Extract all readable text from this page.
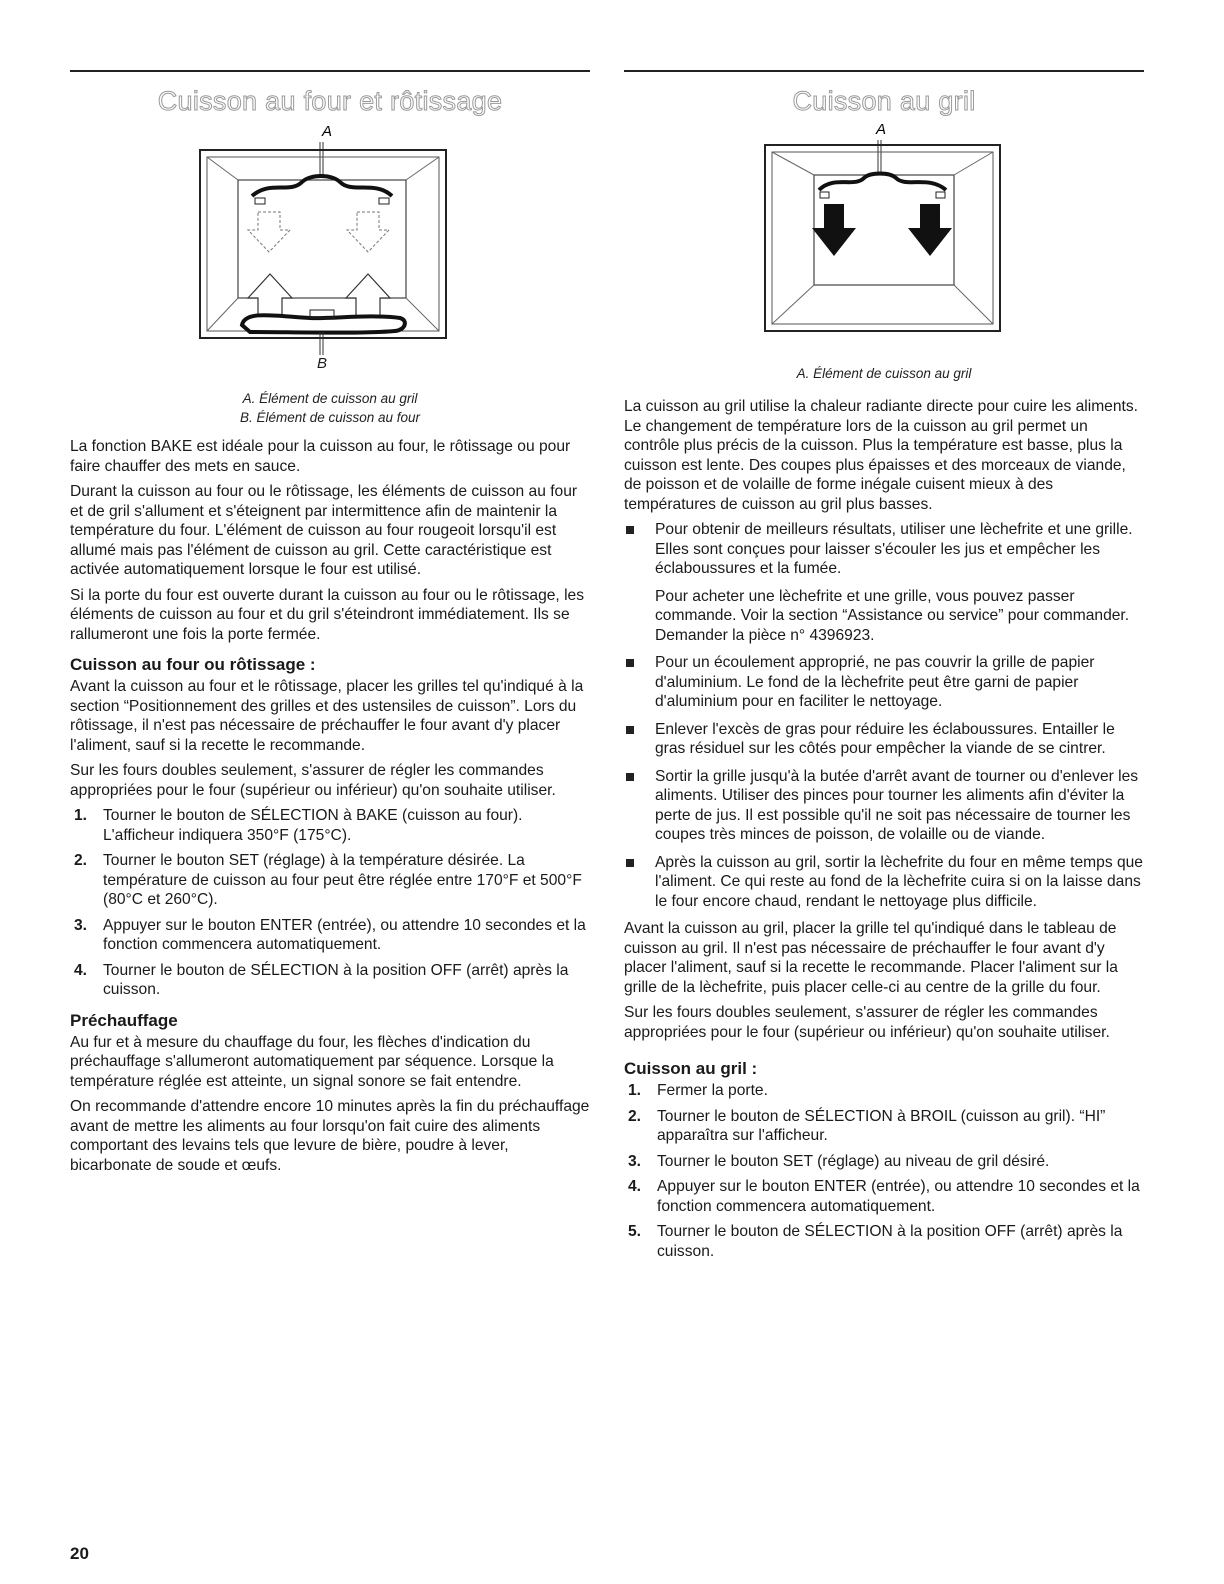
Cuisson au four et rôtissage
A
B
A. Élément de cuisson au gril
B. Élément de cuisson au four

La fonction BAKE est idéale pour la cuisson au four, le rôtissage ou pour faire chauffer des mets en sauce.

Durant la cuisson au four ou le rôtissage, les éléments de cuisson au four et de gril s'allument et s'éteignent par intermittence afin de maintenir la température du four. L'élément de cuisson au four rougeoit lorsqu'il est allumé mais pas l'élément de cuisson au gril. Cette caractéristique est activée automatiquement lorsque le four est utilisé.

Si la porte du four est ouverte durant la cuisson au four ou le rôtissage, les éléments de cuisson au four et du gril s'éteindront immédiatement. Ils se rallumeront une fois la porte fermée.

Cuisson au four ou rôtissage :

Avant la cuisson au four et le rôtissage, placer les grilles tel qu'indiqué à la section “Positionnement des grilles et des ustensiles de cuisson”. Lors du rôtissage, il n'est pas nécessaire de préchauffer le four avant d'y placer l'aliment, sauf si la recette le recommande.

Sur les fours doubles seulement, s'assurer de régler les commandes appropriées pour le four (supérieur ou inférieur) qu'on souhaite utiliser.

1. Tourner le bouton de SÉLECTION à BAKE (cuisson au four). L'afficheur indiquera 350°F (175°C).
2. Tourner le bouton SET (réglage) à la température désirée. La température de cuisson au four peut être réglée entre 170°F et 500°F (80°C et 260°C).
3. Appuyer sur le bouton ENTER (entrée), ou attendre 10 secondes et la fonction commencera automatiquement.
4. Tourner le bouton de SÉLECTION à la position OFF (arrêt) après la cuisson.
Préchauffage

Au fur et à mesure du chauffage du four, les flèches d'indication du préchauffage s'allumeront automatiquement par séquence. Lorsque la température réglée est atteinte, un signal sonore se fait entendre.

On recommande d'attendre encore 10 minutes après la fin du préchauffage avant de mettre les aliments au four lorsqu'on fait cuire des aliments comportant des levains tels que levure de bière, poudre à lever, bicarbonate de soude et œufs.

Cuisson au gril
A
A. Élément de cuisson au gril

La cuisson au gril utilise la chaleur radiante directe pour cuire les aliments. Le changement de température lors de la cuisson au gril permet un contrôle plus précis de la cuisson. Plus la température est basse, plus la cuisson est lente. Des coupes plus épaisses et des morceaux de viande, de poisson et de volaille de forme inégale cuisent mieux à des températures de cuisson au gril plus basses.

Pour obtenir de meilleurs résultats, utiliser une lèchefrite et une grille. Elles sont conçues pour laisser s'écouler les jus et empêcher les éclaboussures et la fumée.

Pour acheter une lèchefrite et une grille, vous pouvez passer commande. Voir la section “Assistance ou service” pour commander. Demander la pièce n° 4396923.

Pour un écoulement approprié, ne pas couvrir la grille de papier d'aluminium. Le fond de la lèchefrite peut être garni de papier d'aluminium pour en faciliter le nettoyage.
Enlever l'excès de gras pour réduire les éclaboussures. Entailler le gras résiduel sur les côtés pour empêcher la viande de se cintrer.
Sortir la grille jusqu'à la butée d'arrêt avant de tourner ou d'enlever les aliments. Utiliser des pinces pour tourner les aliments afin d'éviter la perte de jus. Il est possible qu'il ne soit pas nécessaire de tourner les coupes très minces de poisson, de volaille ou de viande.
Après la cuisson au gril, sortir la lèchefrite du four en même temps que l'aliment. Ce qui reste au fond de la lèchefrite cuira si on la laisse dans le four encore chaud, rendant le nettoyage plus difficile.

Avant la cuisson au gril, placer la grille tel qu'indiqué dans le tableau de cuisson au gril. Il n'est pas nécessaire de préchauffer le four avant d'y placer l'aliment, sauf si la recette le recommande. Placer l'aliment sur la grille de la lèchefrite, puis placer celle-ci au centre de la grille du four.

Sur les fours doubles seulement, s'assurer de régler les commandes appropriées pour le four (supérieur ou inférieur) qu'on souhaite utiliser.

Cuisson au gril :
1. Fermer la porte.
2. Tourner le bouton de SÉLECTION à BROIL (cuisson au gril). “HI” apparaîtra sur l'afficheur.
3. Tourner le bouton SET (réglage) au niveau de gril désiré.
4. Appuyer sur le bouton ENTER (entrée), ou attendre 10 secondes et la fonction commencera automatiquement.
5. Tourner le bouton de SÉLECTION à la position OFF (arrêt) après la cuisson.
20
